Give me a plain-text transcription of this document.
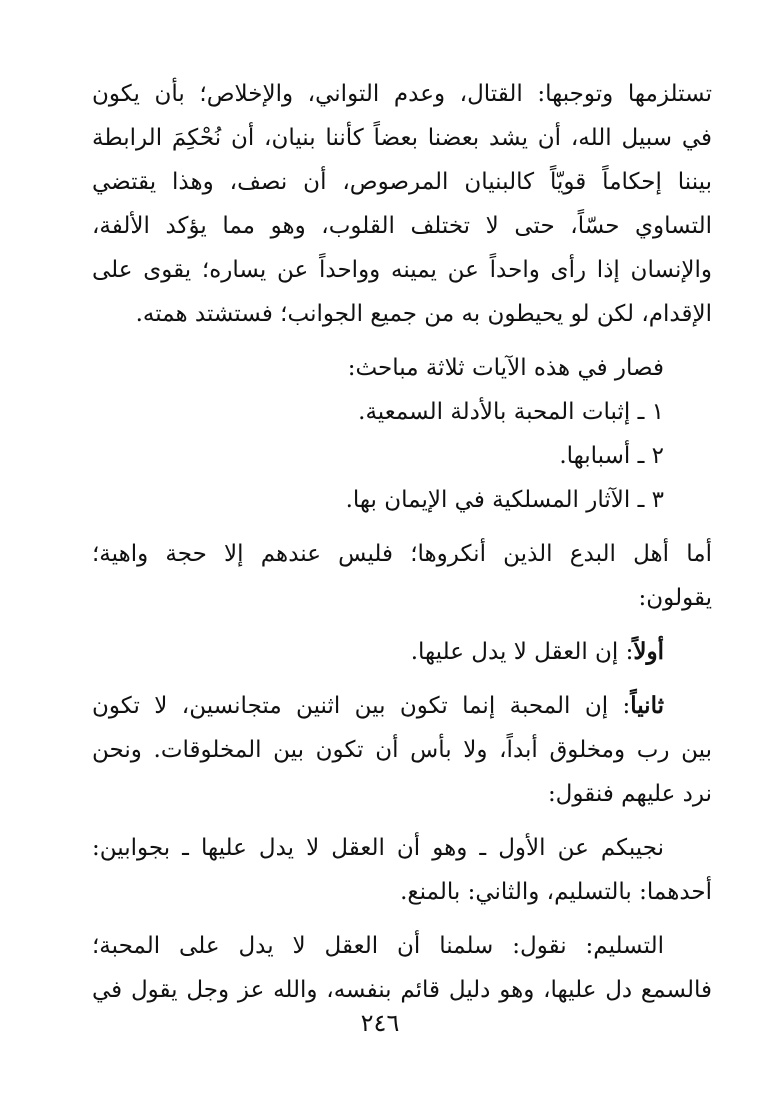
تستلزمها وتوجبها: القتال، وعدم التواني، والإخلاص؛ بأن يكون
في سبيل الله، أن يشد بعضنا بعضاً كأننا بنيان، أن نُحْكِمَ الرابطة
بيننا إحكاماً قويّاً كالبنيان المرصوص، أن نصف، وهذا يقتضي
التساوي حسّاً، حتى لا تختلف القلوب، وهو مما يؤكد الألفة،
والإنسان إذا رأى واحداً عن يمينه وواحداً عن يساره؛ يقوى على
الإقدام، لكن لو يحيطون به من جميع الجوانب؛ فستشتد همته.

فصار في هذه الآيات ثلاثة مباحث:

١ ـ إثبات المحبة بالأدلة السمعية.

٢ ـ أسبابها.

٣ ـ الآثار المسلكية في الإيمان بها.

أما أهل البدع الذين أنكروها؛ فليس عندهم إلا حجة واهية؛
يقولون:

أولاً: إن العقل لا يدل عليها.

ثانياً: إن المحبة إنما تكون بين اثنين متجانسين، لا تكون
بين رب ومخلوق أبداً، ولا بأس أن تكون بين المخلوقات. ونحن
نرد عليهم فنقول:
نجيبكم عن الأول ـ وهو أن العقل لا يدل عليها ـ بجوابين:
أحدهما: بالتسليم، والثاني: بالمنع.
التسليم: نقول: سلمنا أن العقل لا يدل على المحبة؛
فالسمع دل عليها، وهو دليل قائم بنفسه، والله عز وجل يقول في
٢٤٦
